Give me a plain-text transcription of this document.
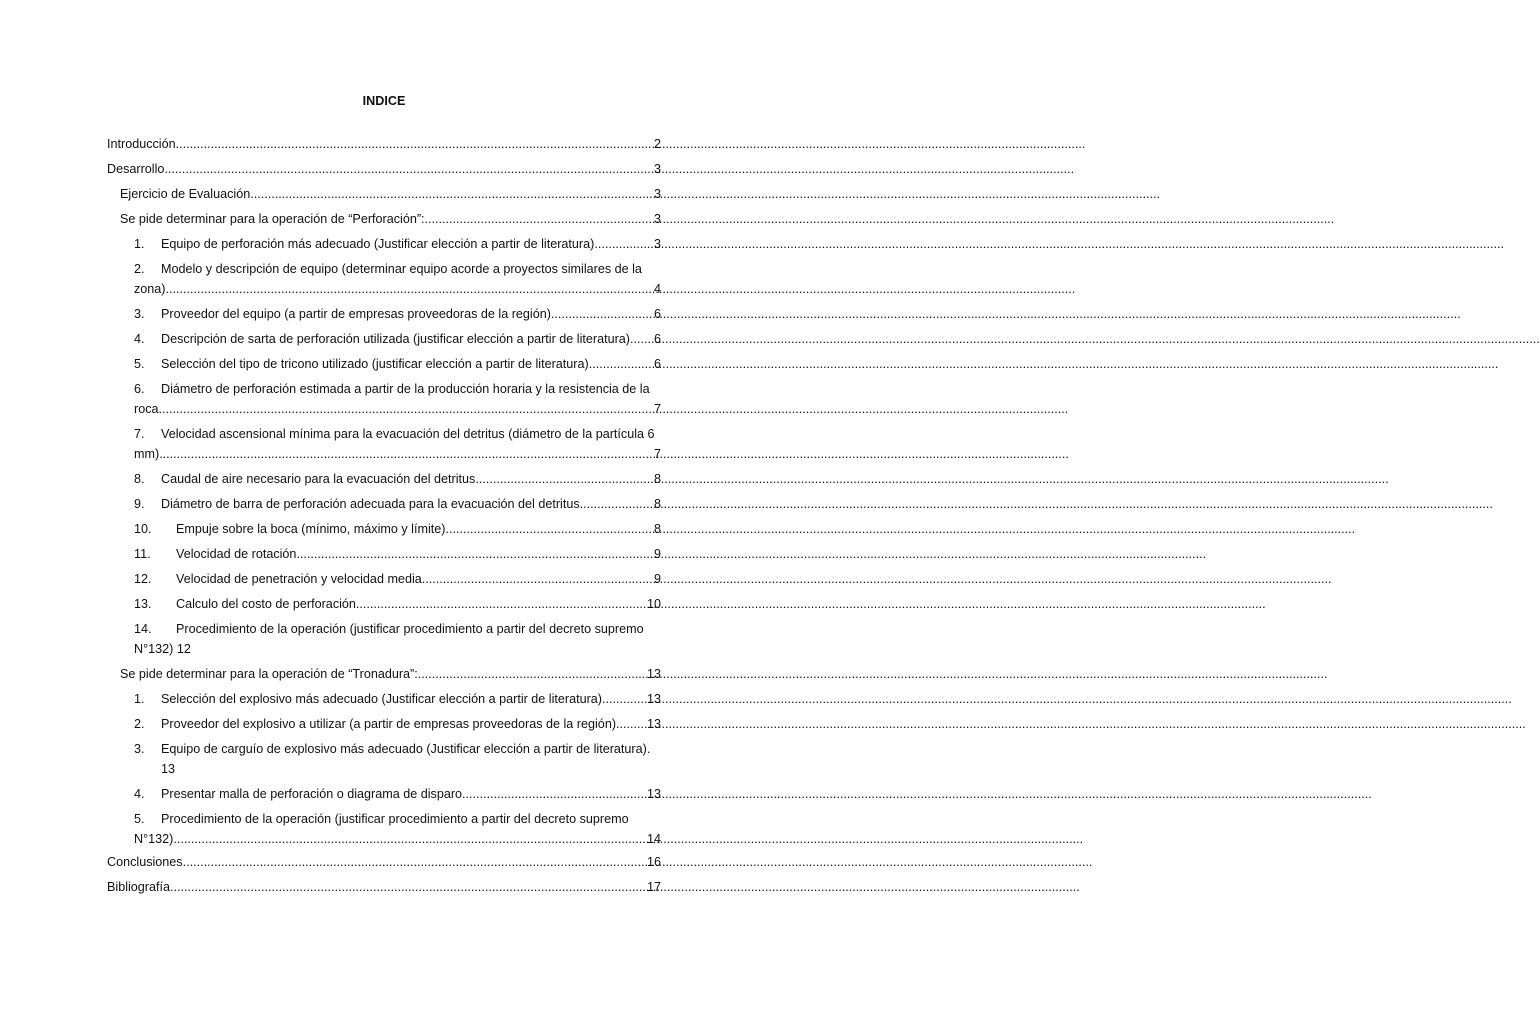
INDICE
Introducción .....	2
Desarrollo .....	3
Ejercicio de Evaluación .....	3
Se pide determinar para la operación de “Perforación”: .....	3
1.	Equipo de perforación más adecuado (Justificar elección a partir de literatura) .....	3
2. Modelo y descripción de equipo (determinar equipo acorde a proyectos similares de la
zona) .....	4
3.	Proveedor del equipo (a partir de empresas proveedoras de la región) .....	6
4.	Descripción de sarta de perforación utilizada (justificar elección a partir de literatura) ..... 6
5.	Selección del tipo de tricono utilizado (justificar elección a partir de literatura) .....	6
6. Diámetro de perforación estimada a partir de la producción horaria y la resistencia de la
roca .....	7
7. Velocidad ascensional mínima para la evacuación del detritus (diámetro de la partícula 6
mm) .....	7
8.	Caudal de aire necesario para la evacuación del detritus. .....	8
9.	Diámetro de barra de perforación adecuada para la evacuación del detritus. .....	8
10.	Empuje sobre la boca (mínimo, máximo y límite) .....	8
11.	Velocidad de rotación .....	9
12.	Velocidad de penetración y velocidad media .....	9
13.	Calculo del costo de perforación .....	10
14. Procedimiento de la operación (justificar procedimiento a partir del decreto supremo
N°132) 12
Se pide determinar para la operación de “Tronadura”: .....	13
1.	Selección del explosivo más adecuado (Justificar elección a partir de literatura) .....	13
2.	Proveedor del explosivo a utilizar (a partir de empresas proveedoras de la región) ..... 13
3. Equipo de carguío de explosivo más adecuado (Justificar elección a partir de literatura).
13
4.	Presentar malla de perforación o diagrama de disparo .....	13
5. Procedimiento de la operación (justificar procedimiento a partir del decreto supremo
N°132) .....	14
Conclusiones .....	16
Bibliografía .....	17
